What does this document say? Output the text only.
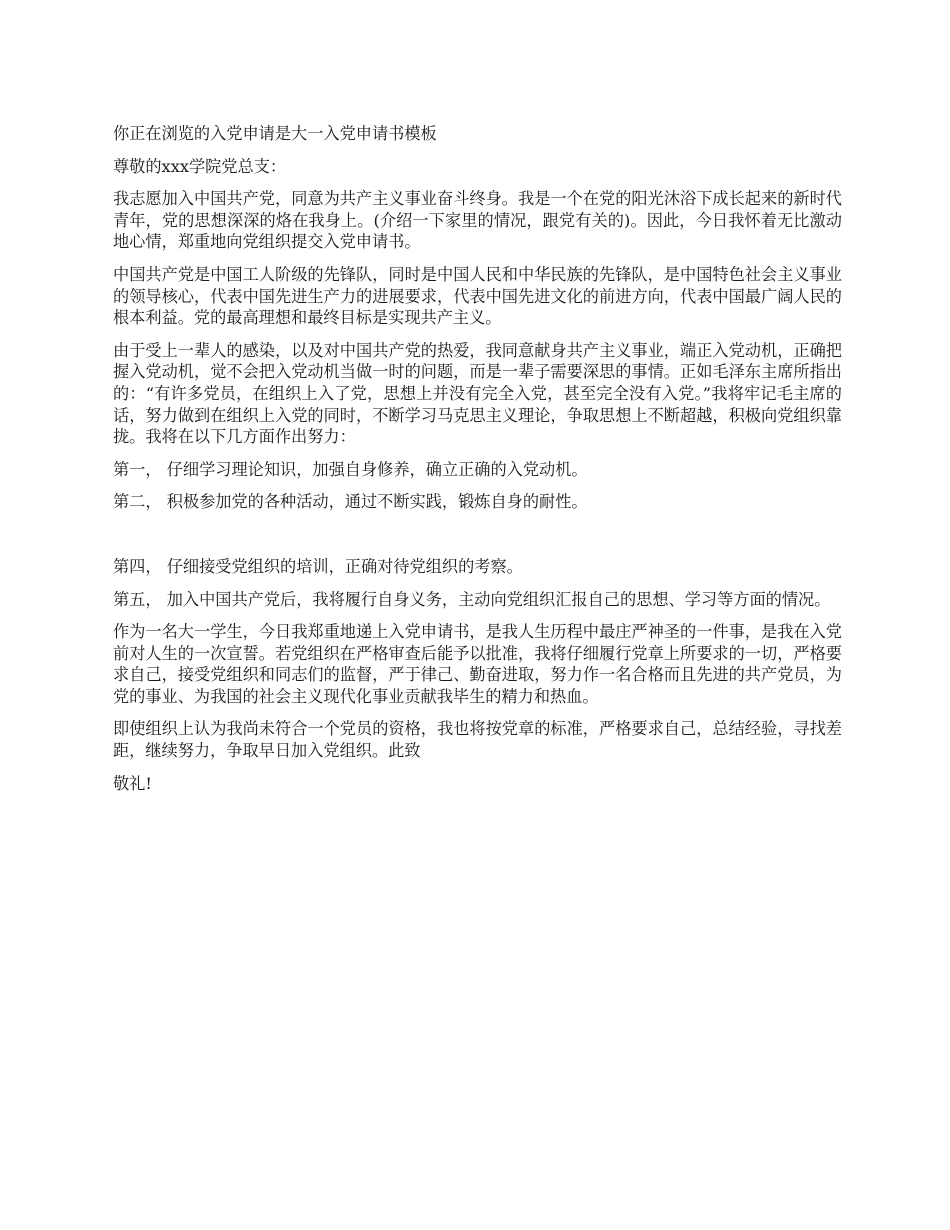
你正在浏览的入党申请是大一入党申请书模板

尊敬的xxx学院党总支：

我志愿加入中国共产党，同意为共产主义事业奋斗终身。我是一个在党的阳光沐浴下成长起来的新时代青年，党的思想深深的烙在我身上。(介绍一下家里的情况，跟党有关的)。因此，今日我怀着无比激动地心情，郑重地向党组织提交入党申请书。

中国共产党是中国工人阶级的先锋队，同时是中国人民和中华民族的先锋队，是中国特色社会主义事业的领导核心，代表中国先进生产力的进展要求，代表中国先进文化的前进方向，代表中国最广阔人民的根本利益。党的最高理想和最终目标是实现共产主义。

由于受上一辈人的感染，以及对中国共产党的热爱，我同意献身共产主义事业，端正入党动机，正确把握入党动机，觉不会把入党动机当做一时的问题，而是一辈子需要深思的事情。正如毛泽东主席所指出的：“有许多党员，在组织上入了党，思想上并没有完全入党，甚至完全没有入党。”我将牢记毛主席的话，努力做到在组织上入党的同时，不断学习马克思主义理论，争取思想上不断超越，积极向党组织靠拢。我将在以下几方面作出努力：

第一， 仔细学习理论知识，加强自身修养，确立正确的入党动机。

第二， 积极参加党的各种活动，通过不断实践，锻炼自身的耐性。

第四， 仔细接受党组织的培训，正确对待党组织的考察。

第五， 加入中国共产党后，我将履行自身义务，主动向党组织汇报自己的思想、学习等方面的情况。

作为一名大一学生，今日我郑重地递上入党申请书，是我人生历程中最庄严神圣的一件事，是我在入党前对人生的一次宣誓。若党组织在严格审查后能予以批准，我将仔细履行党章上所要求的一切，严格要求自己，接受党组织和同志们的监督，严于律己、勤奋进取，努力作一名合格而且先进的共产党员，为党的事业、为我国的社会主义现代化事业贡献我毕生的精力和热血。

即使组织上认为我尚未符合一个党员的资格，我也将按党章的标准，严格要求自己，总结经验，寻找差距，继续努力，争取早日加入党组织。此致

敬礼!
